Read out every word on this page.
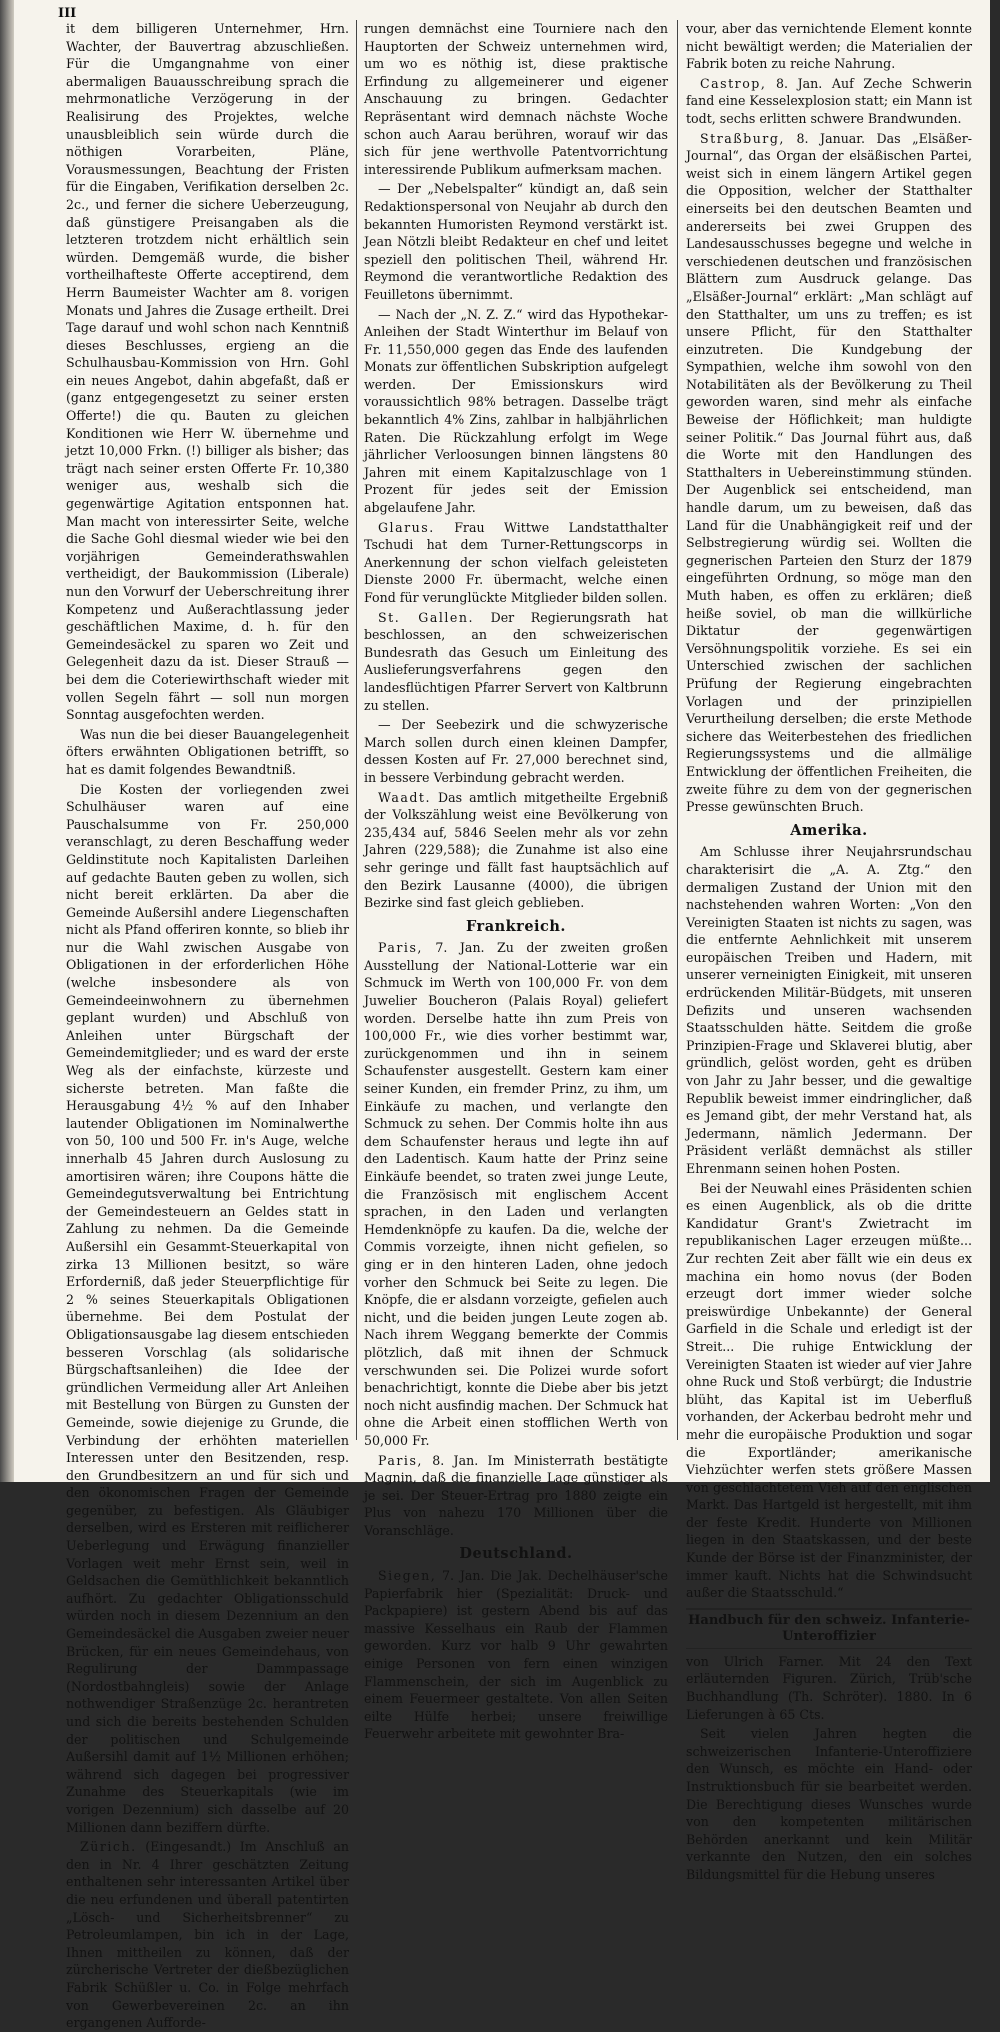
III

it dem billigeren Unternehmer, Hrn. Wachter, der Bauvertrag abzuschließen. Für die Umgangnahme von einer abermaligen Bauausschreibung sprach die mehrmonatliche Verzögerung in der Realisirung des Projektes, welche unausbleiblich sein würde durch die nöthigen Vorarbeiten, Pläne, Vorausmessungen, Beachtung der Fristen für die Eingaben, Verifikation derselben 2c. 2c., und ferner die sichere Ueberzeugung, daß günstigere Preisangaben als die letzteren trotzdem nicht erhältlich sein würden. Demgemäß wurde, die bisher vortheilhafteste Offerte acceptirend, dem Herrn Baumeister Wachter am 8. vorigen Monats und Jahres die Zusage ertheilt. Drei Tage darauf und wohl schon nach Kenntniß dieses Beschlusses, ergieng an die Schulhausbau-Kommission von Hrn. Gohl ein neues Angebot, dahin abgefaßt, daß er (ganz entgegengesetzt zu seiner ersten Offerte!) die qu. Bauten zu gleichen Konditionen wie Herr W. übernehme und jetzt 10,000 Frkn. (!) billiger als bisher; das trägt nach seiner ersten Offerte Fr. 10,380 weniger aus, weshalb sich die gegenwärtige Agitation entsponnen hat. Man macht von interessirter Seite, welche die Sache Gohl diesmal wieder wie bei den vorjährigen Gemeinderathswahlen vertheidigt, der Baukommission (Liberale) nun den Vorwurf der Ueberschreitung ihrer Kompetenz und Außerachtlassung jeder geschäftlichen Maxime, d. h. für den Gemeindesäckel zu sparen wo Zeit und Gelegenheit dazu da ist. Dieser Strauß — bei dem die Coteriewirthschaft wieder mit vollen Segeln fährt — soll nun morgen Sonntag ausgefochten werden.

Was nun die bei dieser Bauangelegenheit öfters erwähnten Obligationen betrifft, so hat es damit folgendes Bewandtniß.

Die Kosten der vorliegenden zwei Schulhäuser waren auf eine Pauschalsumme von Fr. 250,000 veranschlagt, zu deren Beschaffung weder Geldinstitute noch Kapitalisten Darleihen auf gedachte Bauten geben zu wollen, sich nicht bereit erklärten. Da aber die Gemeinde Außersihl andere Liegenschaften nicht als Pfand offeriren konnte, so blieb ihr nur die Wahl zwischen Ausgabe von Obligationen in der erforderlichen Höhe (welche insbesondere als von Gemeindeeinwohnern zu übernehmen geplant wurden) und Abschluß von Anleihen unter Bürgschaft der Gemeindemitglieder; und es ward der erste Weg als der einfachste, kürzeste und sicherste betreten. Man faßte die Herausgabung 4½ % auf den Inhaber lautender Obligationen im Nominalwerthe von 50, 100 und 500 Fr. in's Auge, welche innerhalb 45 Jahren durch Auslosung zu amortisiren wären; ihre Coupons hätte die Gemeindegutsverwaltung bei Entrichtung der Gemeindesteuern an Geldes statt in Zahlung zu nehmen. Da die Gemeinde Außersihl ein Gesammt-Steuerkapital von zirka 13 Millionen besitzt, so wäre Erforderniß, daß jeder Steuerpflichtige für 2 % seines Steuerkapitals Obligationen übernehme. Bei dem Postulat der Obligationsausgabe lag diesem entschieden besseren Vorschlag (als solidarische Bürgschaftsanleihen) die Idee der gründlichen Vermeidung aller Art Anleihen mit Bestellung von Bürgen zu Gunsten der Gemeinde, sowie diejenige zu Grunde, die Verbindung der erhöhten materiellen Interessen unter den Besitzenden, resp. den Grundbesitzern an und für sich und den ökonomischen Fragen der Gemeinde gegenüber, zu befestigen. Als Gläubiger derselben, wird es Ersteren mit reiflicherer Ueberlegung und Erwägung finanzieller Vorlagen weit mehr Ernst sein, weil in Geldsachen die Gemüthlichkeit bekanntlich aufhört. Zu gedachter Obligationsschuld würden noch in diesem Dezennium an den Gemeindesäckel die Ausgaben zweier neuer Brücken, für ein neues Gemeindehaus, von Regulirung der Dammpassage (Nordostbahngleis) sowie der Anlage nothwendiger Straßenzüge 2c. herantreten und sich die bereits bestehenden Schulden der politischen und Schulgemeinde Außersihl damit auf 1½ Millionen erhöhen; während sich dagegen bei progressiver Zunahme des Steuerkapitals (wie im vorigen Dezennium) sich dasselbe auf 20 Millionen dann beziffern dürfte.

Zürich. (Eingesandt.) Im Anschluß an den in Nr. 4 Ihrer geschätzten Zeitung enthaltenen sehr interessanten Artikel über die neu erfundenen und überall patentirten „Lösch- und Sicherheitsbrenner“ zu Petroleumlampen, bin ich in der Lage, Ihnen mittheilen zu können, daß der zürcherische Vertreter der dießbezüglichen Fabrik Schüßler u. Co. in Folge mehrfach von Gewerbevereinen 2c. an ihn ergangenen Aufforde-

rungen demnächst eine Tourniere nach den Hauptorten der Schweiz unternehmen wird, um wo es nöthig ist, diese praktische Erfindung zu allgemeinerer und eigener Anschauung zu bringen. Gedachter Repräsentant wird demnach nächste Woche schon auch Aarau berühren, worauf wir das sich für jene werthvolle Patentvorrichtung interessirende Publikum aufmerksam machen.

— Der „Nebelspalter“ kündigt an, daß sein Redaktionspersonal von Neujahr ab durch den bekannten Humoristen Reymond verstärkt ist. Jean Nötzli bleibt Redakteur en chef und leitet speziell den politischen Theil, während Hr. Reymond die verantwortliche Redaktion des Feuilletons übernimmt.

— Nach der „N. Z. Z.“ wird das Hypothekar-Anleihen der Stadt Winterthur im Belauf von Fr. 11,550,000 gegen das Ende des laufenden Monats zur öffentlichen Subskription aufgelegt werden. Der Emissionskurs wird voraussichtlich 98% betragen. Dasselbe trägt bekanntlich 4% Zins, zahlbar in halbjährlichen Raten. Die Rückzahlung erfolgt im Wege jährlicher Verloosungen binnen längstens 80 Jahren mit einem Kapitalzuschlage von 1 Prozent für jedes seit der Emission abgelaufene Jahr.

Glarus. Frau Wittwe Landstatthalter Tschudi hat dem Turner-Rettungscorps in Anerkennung der schon vielfach geleisteten Dienste 2000 Fr. übermacht, welche einen Fond für verunglückte Mitglieder bilden sollen.

St. Gallen. Der Regierungsrath hat beschlossen, an den schweizerischen Bundesrath das Gesuch um Einleitung des Auslieferungsverfahrens gegen den landesflüchtigen Pfarrer Servert von Kaltbrunn zu stellen.

— Der Seebezirk und die schwyzerische March sollen durch einen kleinen Dampfer, dessen Kosten auf Fr. 27,000 berechnet sind, in bessere Verbindung gebracht werden.

Waadt. Das amtlich mitgetheilte Ergebniß der Volkszählung weist eine Bevölkerung von 235,434 auf, 5846 Seelen mehr als vor zehn Jahren (229,588); die Zunahme ist also eine sehr geringe und fällt fast hauptsächlich auf den Bezirk Lausanne (4000), die übrigen Bezirke sind fast gleich geblieben.

Frankreich.

Paris, 7. Jan. Zu der zweiten großen Ausstellung der National-Lotterie war ein Schmuck im Werth von 100,000 Fr. von dem Juwelier Boucheron (Palais Royal) geliefert worden. Derselbe hatte ihn zum Preis von 100,000 Fr., wie dies vorher bestimmt war, zurückgenommen und ihn in seinem Schaufenster ausgestellt. Gestern kam einer seiner Kunden, ein fremder Prinz, zu ihm, um Einkäufe zu machen, und verlangte den Schmuck zu sehen. Der Commis holte ihn aus dem Schaufenster heraus und legte ihn auf den Ladentisch. Kaum hatte der Prinz seine Einkäufe beendet, so traten zwei junge Leute, die Französisch mit englischem Accent sprachen, in den Laden und verlangten Hemdenknöpfe zu kaufen. Da die, welche der Commis vorzeigte, ihnen nicht gefielen, so ging er in den hinteren Laden, ohne jedoch vorher den Schmuck bei Seite zu legen. Die Knöpfe, die er alsdann vorzeigte, gefielen auch nicht, und die beiden jungen Leute zogen ab. Nach ihrem Weggang bemerkte der Commis plötzlich, daß mit ihnen der Schmuck verschwunden sei. Die Polizei wurde sofort benachrichtigt, konnte die Diebe aber bis jetzt noch nicht ausfindig machen. Der Schmuck hat ohne die Arbeit einen stofflichen Werth von 50,000 Fr.

Paris, 8. Jan. Im Ministerrath bestätigte Magnin, daß die finanzielle Lage günstiger als je sei. Der Steuer-Ertrag pro 1880 zeigte ein Plus von nahezu 170 Millionen über die Voranschläge.

Deutschland.

Siegen, 7. Jan. Die Jak. Dechelhäuser'sche Papierfabrik hier (Spezialität: Druck- und Packpapiere) ist gestern Abend bis auf das massive Kesselhaus ein Raub der Flammen geworden. Kurz vor halb 9 Uhr gewahrten einige Personen von fern einen winzigen Flammenschein, der sich im Augenblick zu einem Feuermeer gestaltete. Von allen Seiten eilte Hülfe herbei; unsere freiwillige Feuerwehr arbeitete mit gewohnter Bra-

vour, aber das vernichtende Element konnte nicht bewältigt werden; die Materialien der Fabrik boten zu reiche Nahrung.

Castrop, 8. Jan. Auf Zeche Schwerin fand eine Kesselexplosion statt; ein Mann ist todt, sechs erlitten schwere Brandwunden.

Straßburg, 8. Januar. Das „Elsäßer-Journal“, das Organ der elsäßischen Partei, weist sich in einem längern Artikel gegen die Opposition, welcher der Statthalter einerseits bei den deutschen Beamten und andererseits bei zwei Gruppen des Landesausschusses begegne und welche in verschiedenen deutschen und französischen Blättern zum Ausdruck gelange. Das „Elsäßer-Journal“ erklärt: „Man schlägt auf den Statthalter, um uns zu treffen; es ist unsere Pflicht, für den Statthalter einzutreten. Die Kundgebung der Sympathien, welche ihm sowohl von den Notabilitäten als der Bevölkerung zu Theil geworden waren, sind mehr als einfache Beweise der Höflichkeit; man huldigte seiner Politik.“ Das Journal führt aus, daß die Worte mit den Handlungen des Statthalters in Uebereinstimmung stünden. Der Augenblick sei entscheidend, man handle darum, um zu beweisen, daß das Land für die Unabhängigkeit reif und der Selbstregierung würdig sei. Wollten die gegnerischen Parteien den Sturz der 1879 eingeführten Ordnung, so möge man den Muth haben, es offen zu erklären; dieß heiße soviel, ob man die willkürliche Diktatur der gegenwärtigen Versöhnungspolitik vorziehe. Es sei ein Unterschied zwischen der sachlichen Prüfung der Regierung eingebrachten Vorlagen und der prinzipiellen Verurtheilung derselben; die erste Methode sichere das Weiterbestehen des friedlichen Regierungssystems und die allmälige Entwicklung der öffentlichen Freiheiten, die zweite führe zu dem von der gegnerischen Presse gewünschten Bruch.

Amerika.

Am Schlusse ihrer Neujahrsrundschau charakterisirt die „A. A. Ztg.“ den dermaligen Zustand der Union mit den nachstehenden wahren Worten: „Von den Vereinigten Staaten ist nichts zu sagen, was die entfernte Aehnlichkeit mit unserem europäischen Treiben und Hadern, mit unserer verneinigten Einigkeit, mit unseren erdrückenden Militär-Büdgets, mit unseren Defizits und unseren wachsenden Staatsschulden hätte. Seitdem die große Prinzipien-Frage und Sklaverei blutig, aber gründlich, gelöst worden, geht es drüben von Jahr zu Jahr besser, und die gewaltige Republik beweist immer eindringlicher, daß es Jemand gibt, der mehr Verstand hat, als Jedermann, nämlich Jedermann. Der Präsident verläßt demnächst als stiller Ehrenmann seinen hohen Posten.

Bei der Neuwahl eines Präsidenten schien es einen Augenblick, als ob die dritte Kandidatur Grant's Zwietracht im republikanischen Lager erzeugen müßte... Zur rechten Zeit aber fällt wie ein deus ex machina ein homo novus (der Boden erzeugt dort immer wieder solche preiswürdige Unbekannte) der General Garfield in die Schale und erledigt ist der Streit... Die ruhige Entwicklung der Vereinigten Staaten ist wieder auf vier Jahre ohne Ruck und Stoß verbürgt; die Industrie blüht, das Kapital ist im Ueberfluß vorhanden, der Ackerbau bedroht mehr und mehr die europäische Produktion und sogar die Exportländer; amerikanische Viehzüchter werfen stets größere Massen von geschlachtetem Vieh auf den englischen Markt. Das Hartgeld ist hergestellt, mit ihm der feste Kredit. Hunderte von Millionen liegen in den Staatskassen, und der beste Kunde der Börse ist der Finanzminister, der immer kauft. Nichts hat die Schwindsucht außer die Staatsschuld.“

Handbuch für den schweiz. Infanterie-Unteroffizier

von Ulrich Farner. Mit 24 den Text erläuternden Figuren. Zürich, Trüb'sche Buchhandlung (Th. Schröter). 1880. In 6 Lieferungen à 65 Cts.

Seit vielen Jahren hegten die schweizerischen Infanterie-Unteroffiziere den Wunsch, es möchte ein Hand- oder Instruktionsbuch für sie bearbeitet werden. Die Berechtigung dieses Wunsches wurde von den kompetenten militärischen Behörden anerkannt und kein Militär verkannte den Nutzen, den ein solches Bildungsmittel für die Hebung unseres
